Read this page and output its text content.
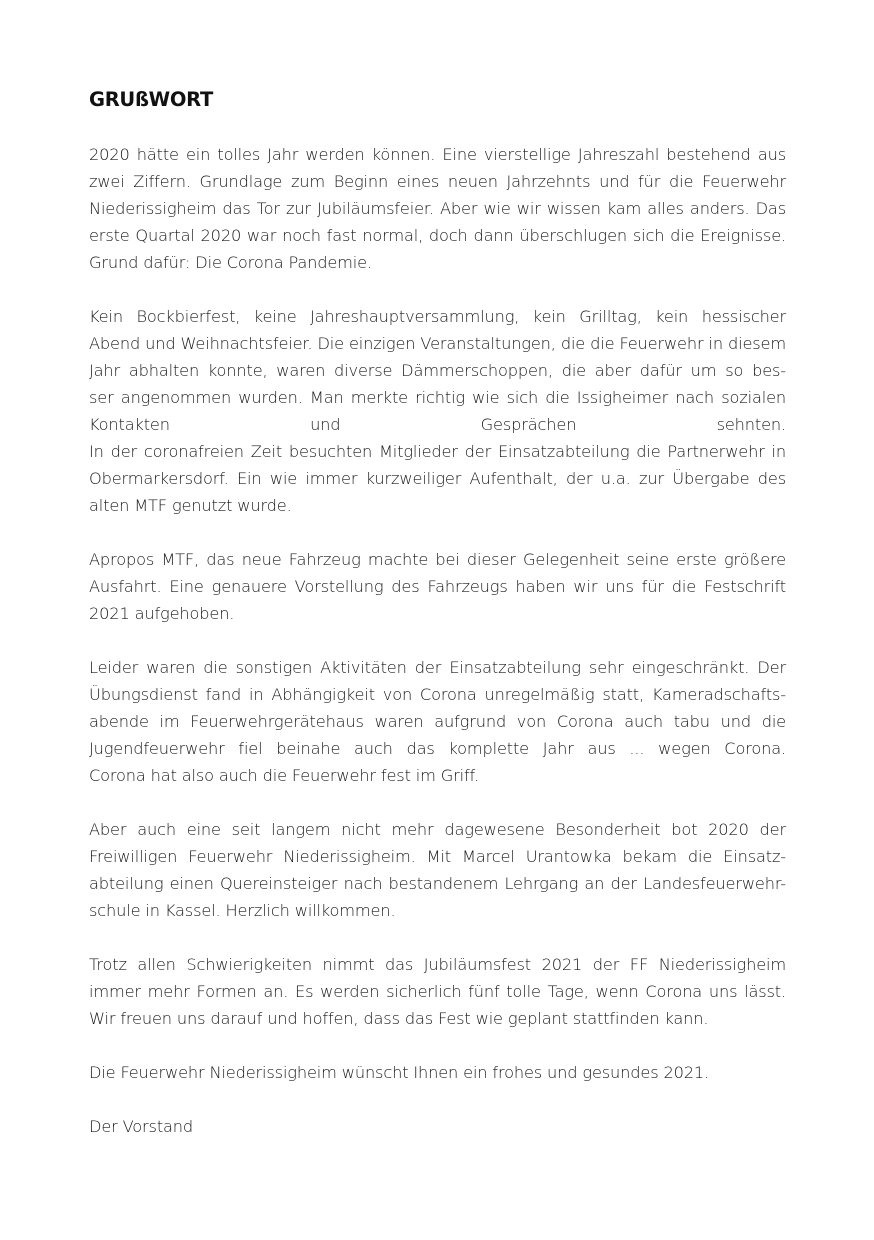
GRUßWORT

2020 hätte ein tolles Jahr werden können. Eine vierstellige Jahreszahl bestehend aus
zwei Ziffern. Grundlage zum Beginn eines neuen Jahrzehnts und für die Feuerwehr
Niederissigheim das Tor zur Jubiläumsfeier. Aber wie wir wissen kam alles anders. Das
erste Quartal 2020 war noch fast normal, doch dann überschlugen sich die Ereignisse.
Grund dafür: Die Corona Pandemie.

Kein Bockbierfest, keine Jahreshauptversammlung, kein Grilltag, kein hessischer
Abend und Weihnachtsfeier. Die einzigen Veranstaltungen, die die Feuerwehr in diesem
Jahr abhalten konnte, waren diverse Dämmerschoppen, die aber dafür um so bes-
ser angenommen wurden. Man merkte richtig wie sich die Issigheimer nach sozialen
Kontakten und Gesprächen sehnten.
In der coronafreien Zeit besuchten Mitglieder der Einsatzabteilung die Partnerwehr in
Obermarkersdorf. Ein wie immer kurzweiliger Aufenthalt, der u.a. zur Übergabe des
alten MTF genutzt wurde.

Apropos MTF, das neue Fahrzeug machte bei dieser Gelegenheit seine erste größere
Ausfahrt. Eine genauere Vorstellung des Fahrzeugs haben wir uns für die Festschrift
2021 aufgehoben.

Leider waren die sonstigen Aktivitäten der Einsatzabteilung sehr eingeschränkt. Der
Übungsdienst fand in Abhängigkeit von Corona unregelmäßig statt, Kameradschafts-
abende im Feuerwehrgerätehaus waren aufgrund von Corona auch tabu und die
Jugendfeuerwehr fiel beinahe auch das komplette Jahr aus ... wegen Corona.
Corona hat also auch die Feuerwehr fest im Griff.

Aber auch eine seit langem nicht mehr dagewesene Besonderheit bot 2020 der
Freiwilligen Feuerwehr Niederissigheim. Mit Marcel Urantowka bekam die Einsatz-
abteilung einen Quereinsteiger nach bestandenem Lehrgang an der Landesfeuerwehr-
schule in Kassel. Herzlich willkommen.

Trotz allen Schwierigkeiten nimmt das Jubiläumsfest 2021 der FF Niederissigheim
immer mehr Formen an. Es werden sicherlich fünf tolle Tage, wenn Corona uns lässt.
Wir freuen uns darauf und hoffen, dass das Fest wie geplant stattfinden kann.

Die Feuerwehr Niederissigheim wünscht Ihnen ein frohes und gesundes 2021.

Der Vorstand
